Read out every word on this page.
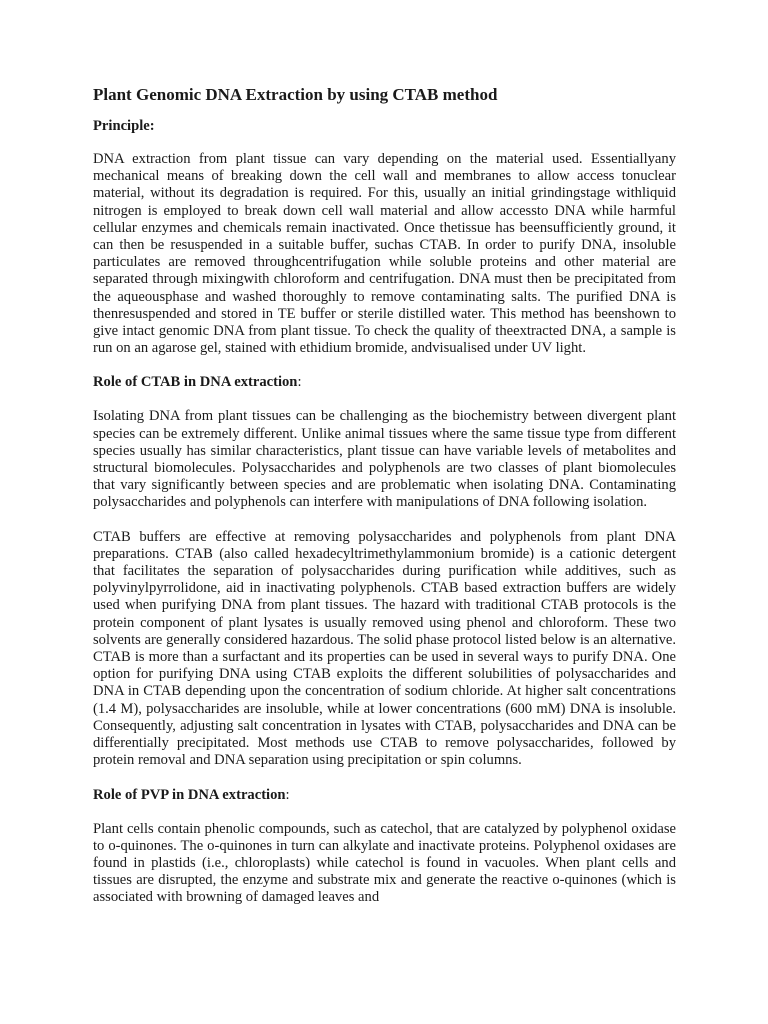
Plant Genomic DNA Extraction by using CTAB method

Principle:

DNA extraction from plant tissue can vary depending on the material used. Essentiallyany mechanical means of breaking down the cell wall and membranes to allow access tonuclear material, without its degradation is required. For this, usually an initial grindingstage withliquid nitrogen is employed to break down cell wall material and allow accessto DNA while harmful cellular enzymes and chemicals remain inactivated. Once thetissue has beensufficiently ground, it can then be resuspended in a suitable buffer, suchas CTAB. In order to purify DNA, insoluble particulates are removed throughcentrifugation while soluble proteins and other material are separated through mixingwith chloroform and centrifugation. DNA must then be precipitated from the aqueousphase and washed thoroughly to remove contaminating salts. The purified DNA is thenresuspended and stored in TE buffer or sterile distilled water. This method has beenshown to give intact genomic DNA from plant tissue. To check the quality of theextracted DNA, a sample is run on an agarose gel, stained with ethidium bromide, andvisualised under UV light.

Role of CTAB in DNA extraction:

Isolating DNA from plant tissues can be challenging as the biochemistry between divergent plant species can be extremely different. Unlike animal tissues where the same tissue type from different species usually has similar characteristics, plant tissue can have variable levels of metabolites and structural biomolecules. Polysaccharides and polyphenols are two classes of plant biomolecules that vary significantly between species and are problematic when isolating DNA. Contaminating polysaccharides and polyphenols can interfere with manipulations of DNA following isolation.

CTAB buffers are effective at removing polysaccharides and polyphenols from plant DNA preparations. CTAB (also called hexadecyltrimethylammonium bromide) is a cationic detergent that facilitates the separation of polysaccharides during purification while additives, such as polyvinylpyrrolidone, aid in inactivating polyphenols. CTAB based extraction buffers are widely used when purifying DNA from plant tissues. The hazard with traditional CTAB protocols is the protein component of plant lysates is usually removed using phenol and chloroform. These two solvents are generally considered hazardous. The solid phase protocol listed below is an alternative. CTAB is more than a surfactant and its properties can be used in several ways to purify DNA. One option for purifying DNA using CTAB exploits the different solubilities of polysaccharides and DNA in CTAB depending upon the concentration of sodium chloride. At higher salt concentrations (1.4 M), polysaccharides are insoluble, while at lower concentrations (600 mM) DNA is insoluble. Consequently, adjusting salt concentration in lysates with CTAB, polysaccharides and DNA can be differentially precipitated. Most methods use CTAB to remove polysaccharides, followed by protein removal and DNA separation using precipitation or spin columns.

Role of PVP in DNA extraction:

Plant cells contain phenolic compounds, such as catechol, that are catalyzed by polyphenol oxidase to o-quinones. The o-quinones in turn can alkylate and inactivate proteins. Polyphenol oxidases are found in plastids (i.e., chloroplasts) while catechol is found in vacuoles. When plant cells and tissues are disrupted, the enzyme and substrate mix and generate the reactive o-quinones (which is associated with browning of damaged leaves and
